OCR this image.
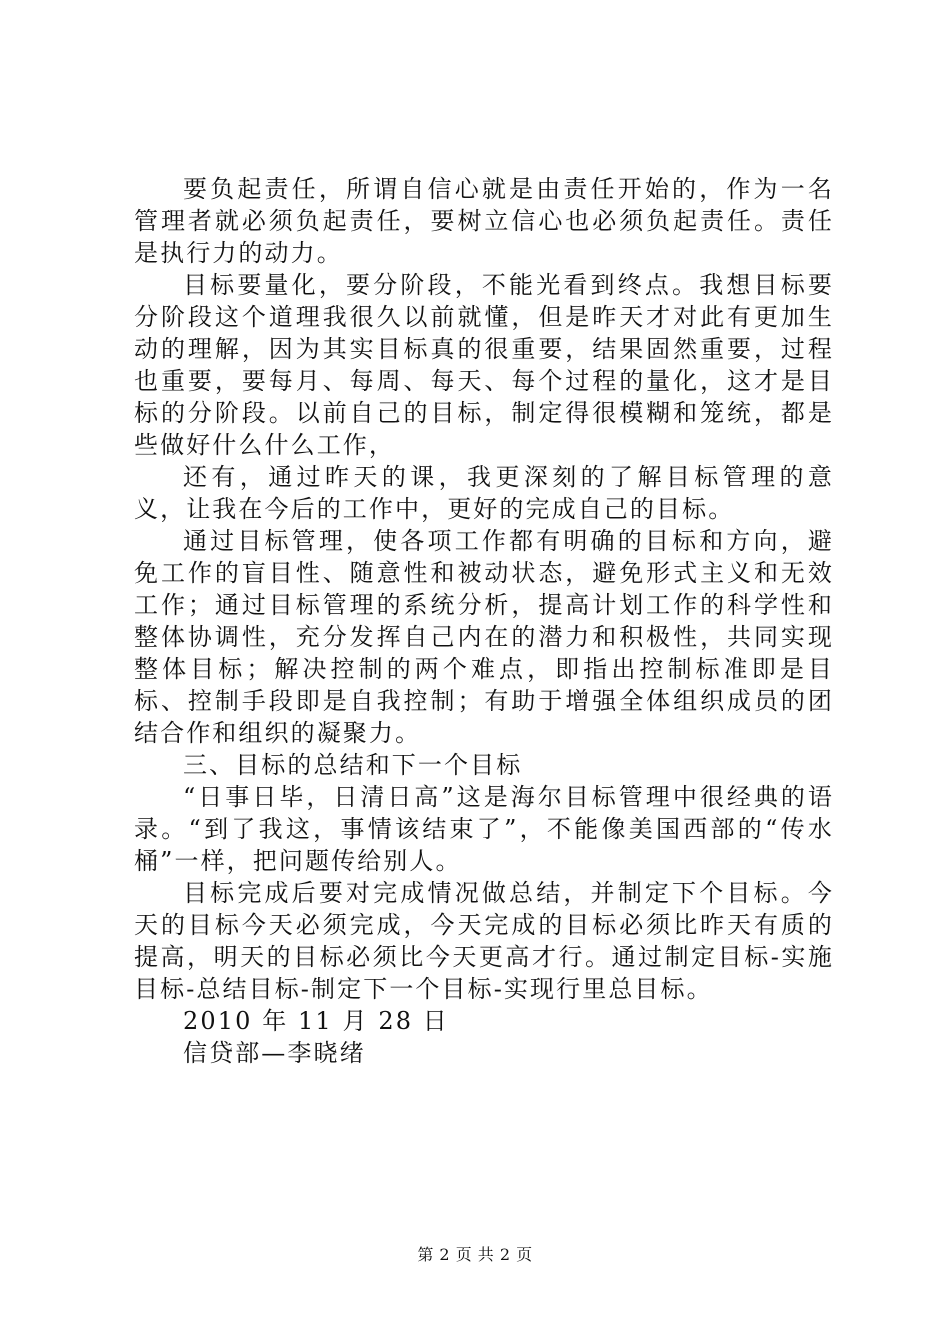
要负起责任，所谓自信心就是由责任开始的，作为一名管理者就必须负起责任，要树立信心也必须负起责任。责任是执行力的动力。

目标要量化，要分阶段，不能光看到终点。我想目标要分阶段这个道理我很久以前就懂，但是昨天才对此有更加生动的理解，因为其实目标真的很重要，结果固然重要，过程也重要，要每月、每周、每天、每个过程的量化，这才是目标的分阶段。以前自己的目标，制定得很模糊和笼统，都是些做好什么什么工作，

还有，通过昨天的课，我更深刻的了解目标管理的意义，让我在今后的工作中，更好的完成自己的目标。

通过目标管理，使各项工作都有明确的目标和方向，避免工作的盲目性、随意性和被动状态，避免形式主义和无效工作；通过目标管理的系统分析，提高计划工作的科学性和整体协调性，充分发挥自己内在的潜力和积极性，共同实现整体目标；解决控制的两个难点，即指出控制标准即是目标、控制手段即是自我控制；有助于增强全体组织成员的团结合作和组织的凝聚力。

三、目标的总结和下一个目标

“日事日毕，日清日高”这是海尔目标管理中很经典的语录。“到了我这，事情该结束了”，不能像美国西部的“传水桶”一样，把问题传给别人。

目标完成后要对完成情况做总结，并制定下个目标。今天的目标今天必须完成，今天完成的目标必须比昨天有质的提高，明天的目标必须比今天更高才行。通过制定目标-实施目标-总结目标-制定下一个目标-实现行里总目标。

2010 年 11 月 28 日

信贷部—李晓绪

第 2 页 共 2 页
